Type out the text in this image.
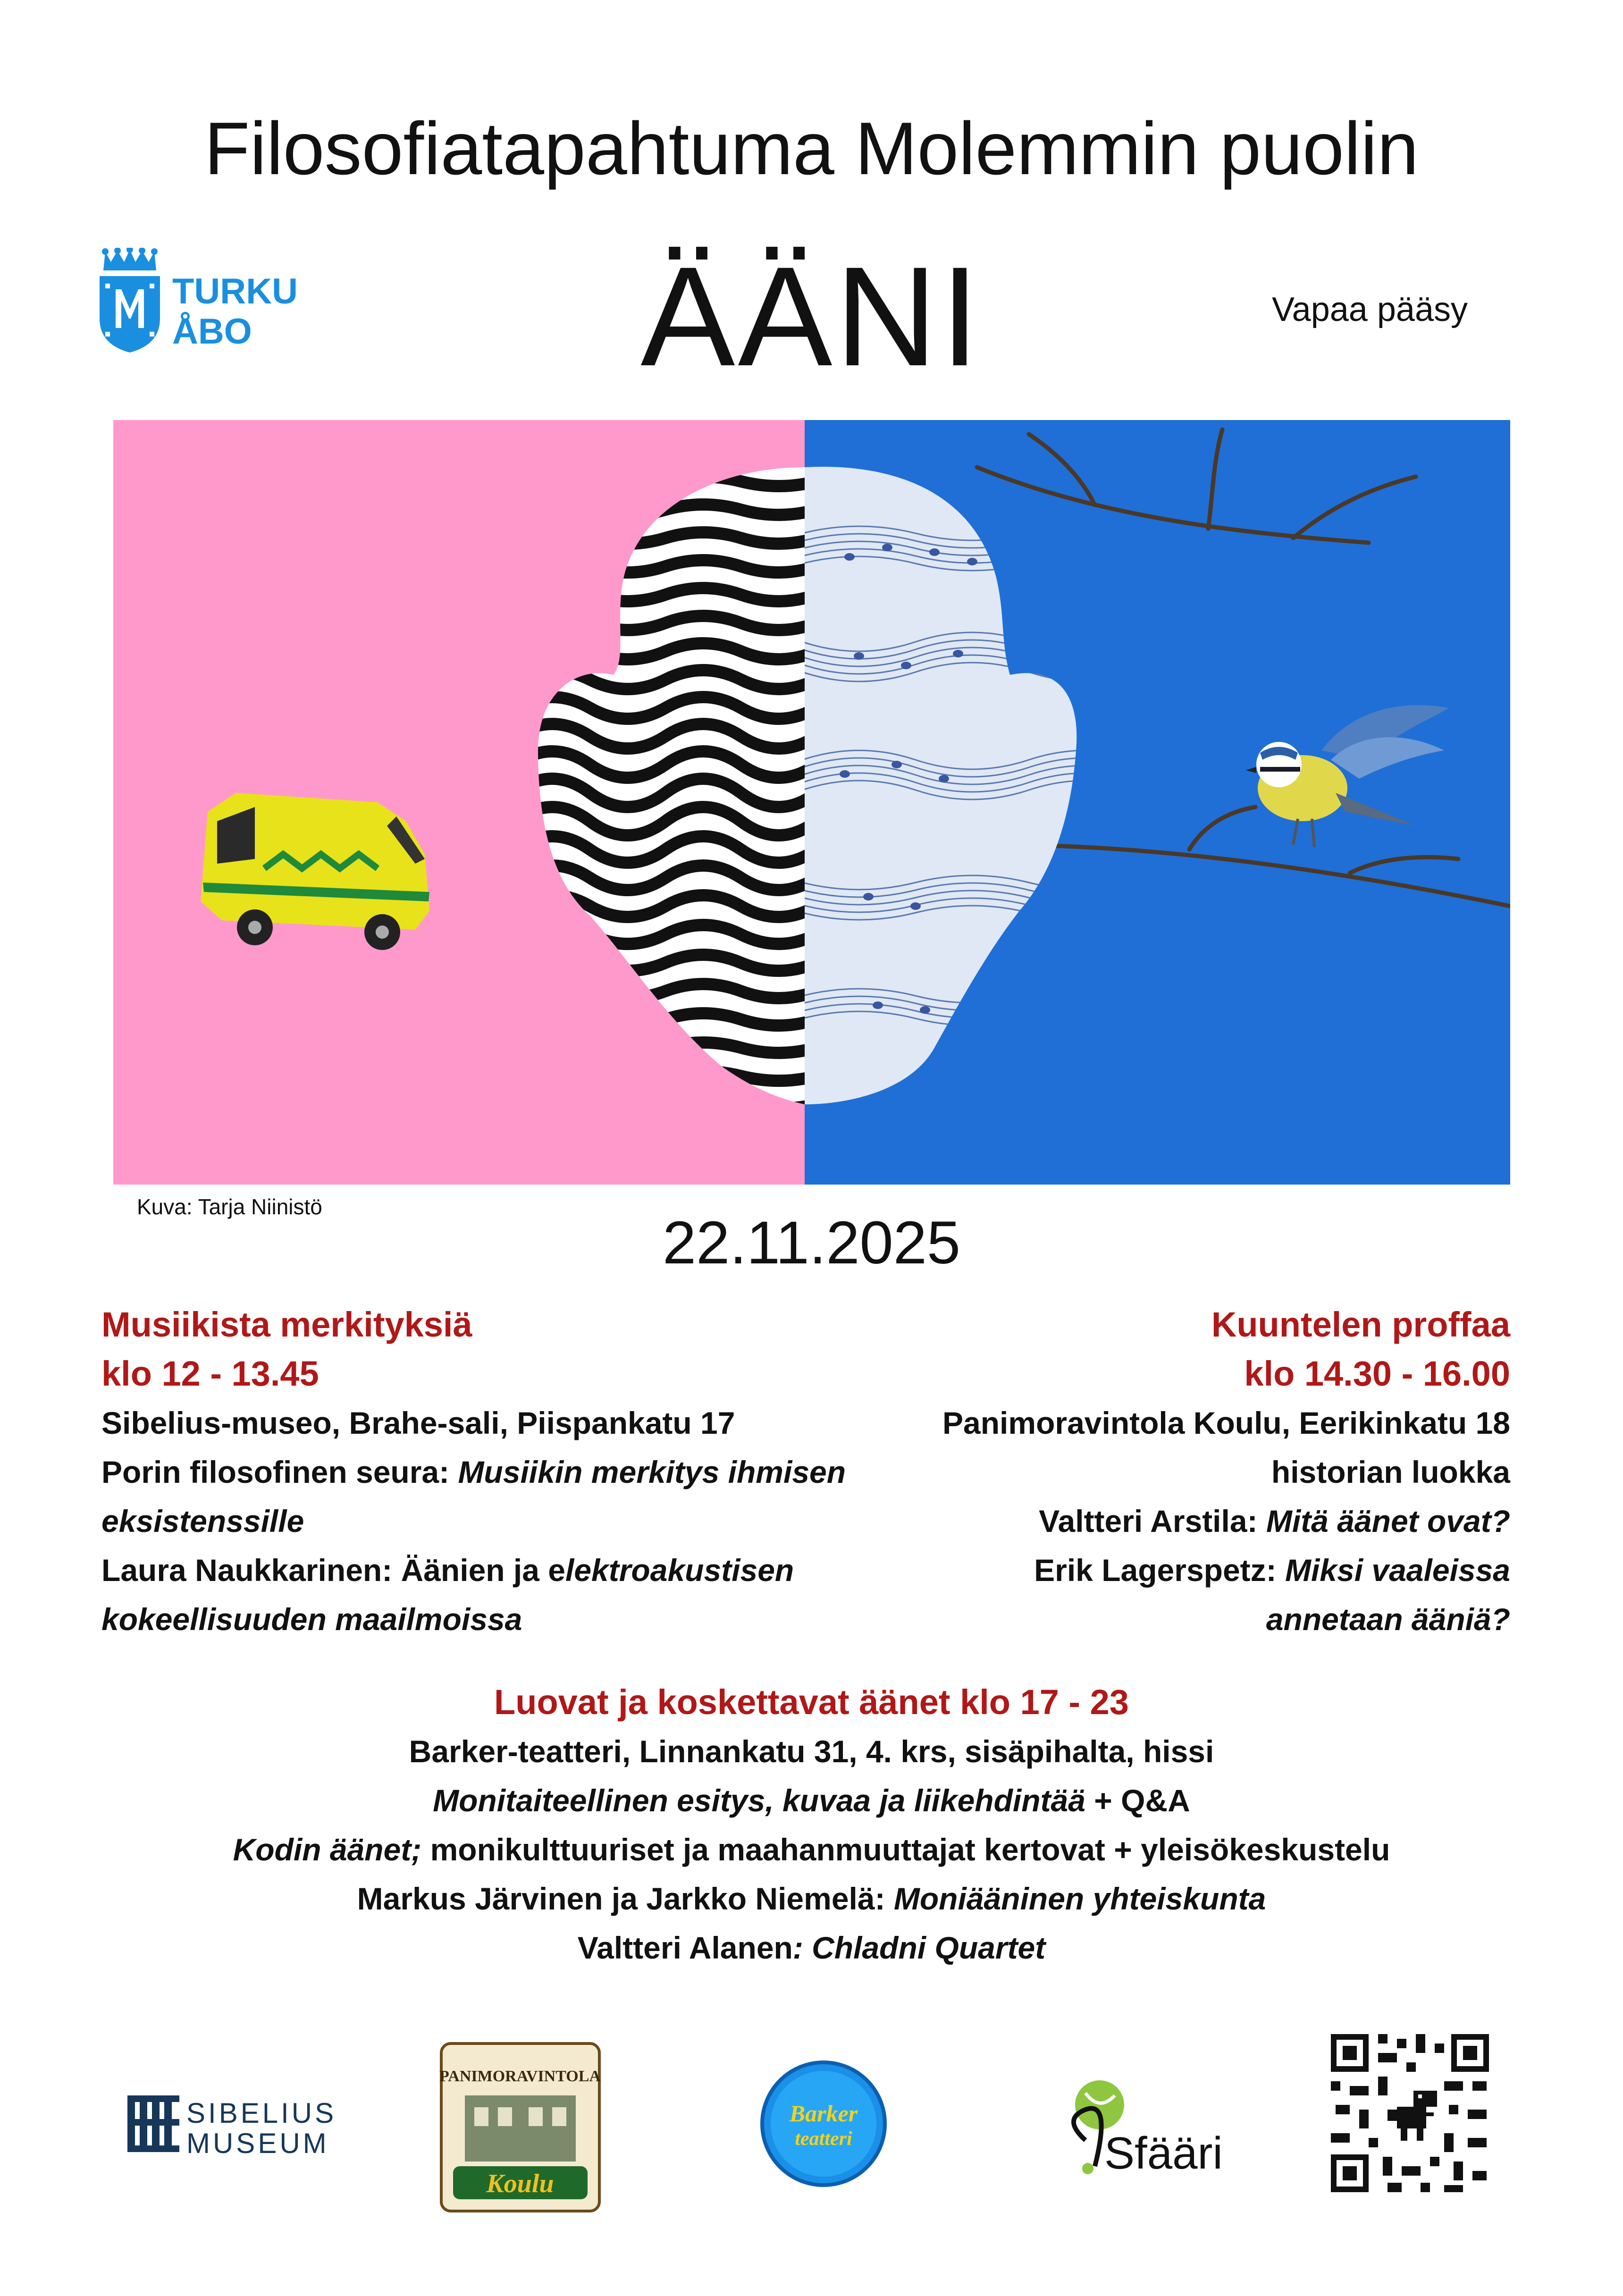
Filosofiatapahtuma Molemmin puolin
TURKU
ÅBO	ÄÄNI	Vapaa pääsy
Kuva: Tarja Niinistö
22.11.2025
Musiikista merkityksiä
klo 12 - 13.45
Sibelius-museo, Brahe-sali, Piispankatu 17
Porin filosofinen seura: Musiikin merkitys ihmisen eksistenssille
Laura Naukkarinen: Äänien ja elektroakustisen kokeellisuuden maailmoissa
Kuuntelen proffaa
klo 14.30 - 16.00
Panimoravintola Koulu, Eerikinkatu 18
historian luokka
Valtteri Arstila: Mitä äänet ovat?
Erik Lagerspetz: Miksi vaaleissa
annetaan ääniä?
Luovat ja koskettavat äänet klo 17 - 23
Barker-teatteri, Linnankatu 31, 4. krs, sisäpihalta, hissi
Monitaiteellinen esitys, kuvaa ja liikehdintää + Q&A
Kodin äänet; monikulttuuriset ja maahanmuuttajat kertovat + yleisökeskustelu
Markus Järvinen ja Jarkko Niemelä: Moniääninen yhteiskunta
Valtteri Alanen: Chladni Quartet
SIBELIUS
MUSEUM
PANIMORAVINTOLA
Koulu
Barker
teatteri	Sfääri
